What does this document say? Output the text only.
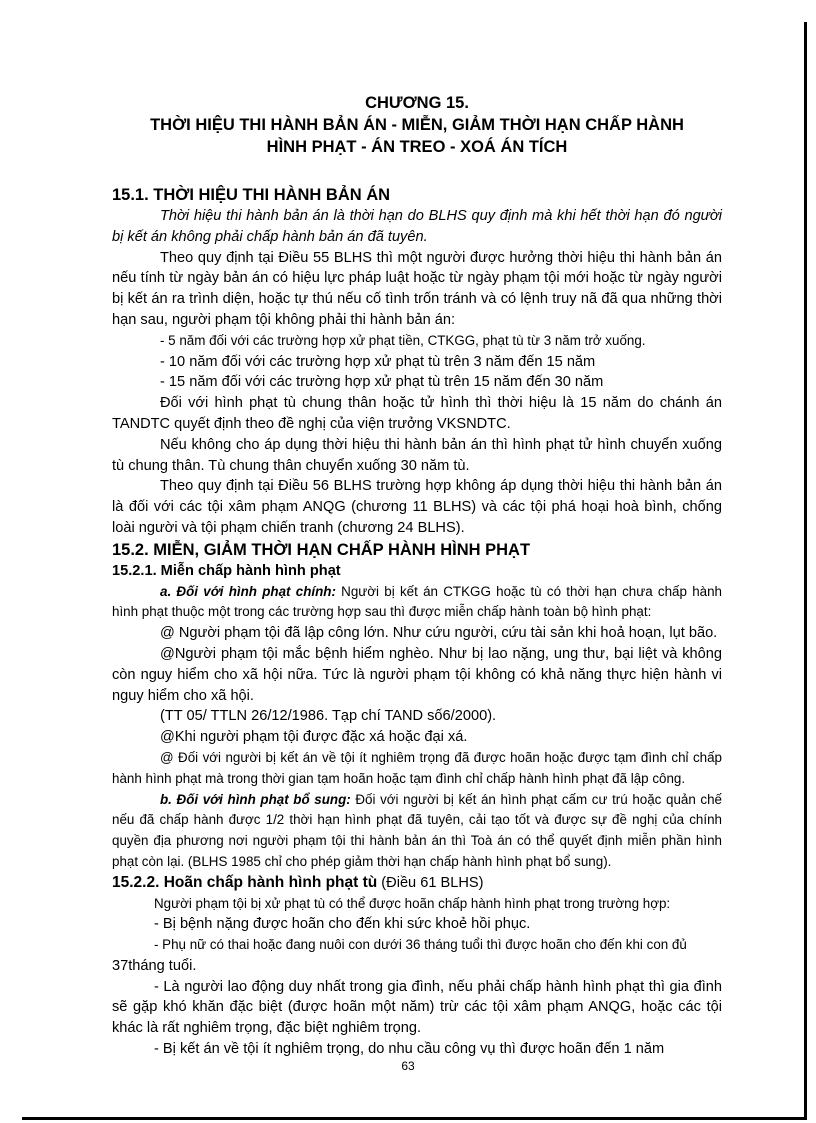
CHƯƠNG 15.
THỜI HIỆU THI HÀNH BẢN ÁN - MIỄN, GIẢM THỜI HẠN CHẤP HÀNH
HÌNH PHẠT - ÁN TREO - XOÁ ÁN TÍCH
15.1. THỜI HIỆU THI HÀNH BẢN ÁN

Thời hiệu thi hành bản án là thời hạn do BLHS quy định mà khi hết thời hạn đó người bị kết án không phải chấp hành bản án đã tuyên.

Theo quy định tại Điều 55 BLHS thì một người được hưởng thời hiệu thi hành bản án nếu tính từ ngày bản án có hiệu lực pháp luật hoặc từ ngày phạm tội mới hoặc từ ngày người bị kết án ra trình diện, hoặc tự thú nếu cố tình trốn tránh và có lệnh truy nã đã qua những thời hạn sau, người phạm tội không phải thi hành bản án:

- 5 năm đối với các trường hợp xử phạt tiền, CTKGG, phạt tù từ 3 năm trở xuống.

- 10 năm đối với các trường hợp xử phạt tù trên 3 năm đến 15 năm

- 15 năm đối với các trường hợp xử phạt tù trên 15 năm đến 30 năm

Đối với hình phạt tù chung thân hoặc tử hình thì thời hiệu là 15 năm do chánh án TANDTC quyết định theo đề nghị của viện trưởng VKSNDTC.

Nếu không cho áp dụng thời hiệu thi hành bản án thì hình phạt tử hình chuyển xuống tù chung thân. Tù chung thân chuyển xuống 30 năm tù.

Theo quy định tại Điều 56 BLHS trường hợp không áp dụng thời hiệu thi hành bản án là đối với các tội xâm phạm ANQG (chương 11 BLHS) và các tội phá hoại hoà bình, chống loài người và tội phạm chiến tranh (chương 24 BLHS).

15.2. MIỄN, GIẢM THỜI HẠN CHẤP HÀNH HÌNH PHẠT
15.2.1. Miễn chấp hành hình phạt

a. Đối với hình phạt chính: Người bị kết án CTKGG hoặc tù có thời hạn chưa chấp hành hình phạt thuộc một trong các trường hợp sau thì được miễn chấp hành toàn bộ hình phạt:

@ Người phạm tội đã lập công lớn. Như cứu người, cứu tài sản khi hoả hoạn, lụt bão.

@Người phạm tội mắc bệnh hiểm nghèo. Như bị lao nặng, ung thư, bại liệt và không còn nguy hiểm cho xã hội nữa. Tức là người phạm tội không có khả năng thực hiện hành vi nguy hiểm cho xã hội.

(TT 05/ TTLN 26/12/1986. Tạp chí TAND số6/2000).

@Khi người phạm tội được đặc xá hoặc đại xá.

@ Đối với người bị kết án về tội ít nghiêm trọng đã được hoãn hoặc được tạm đình chỉ chấp hành hình phạt mà trong thời gian tạm hoãn hoặc tạm đình chỉ chấp hành hình phạt đã lập công.

b. Đối với hình phạt bổ sung: Đối với người bị kết án hình phạt cấm cư trú hoặc quản chế nếu đã chấp hành được 1/2 thời hạn hình phạt đã tuyên, cải tạo tốt và được sự đề nghị của chính quyền địa phương nơi người phạm tội thi hành bản án thì Toà án có thể quyết định miễn phần hình phạt còn lại. (BLHS 1985 chỉ cho phép giảm thời hạn chấp hành hình phạt bổ sung).

15.2.2. Hoãn chấp hành hình phạt tù (Điều 61 BLHS)

Người phạm tội bị xử phạt tù có thể được hoãn chấp hành hình phạt trong trường hợp:

- Bị bệnh nặng được hoãn cho đến khi sức khoẻ hồi phục.

- Phụ nữ có thai hoặc đang nuôi con dưới 36 tháng tuổi thì được hoãn cho đến khi con đủ

37tháng tuổi.

- Là người lao động duy nhất trong gia đình, nếu phải chấp hành hình phạt thì gia đình sẽ gặp khó khăn đặc biệt (được hoãn một năm) trừ các tội xâm phạm ANQG, hoặc các tội khác là rất nghiêm trọng, đặc biệt nghiêm trọng.

- Bị kết án về tội ít nghiêm trọng, do nhu cầu công vụ thì được hoãn đến 1 năm

63
